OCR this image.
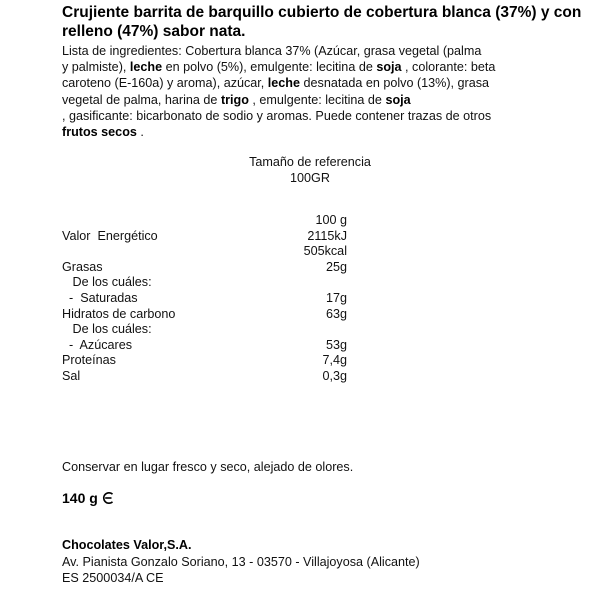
Crujiente barrita de barquillo cubierto de cobertura blanca (37%) y con relleno (47%) sabor nata.
Lista de ingredientes: Cobertura blanca 37% (Azúcar, grasa vegetal (palma
y palmiste), leche en polvo (5%), emulgente: lecitina de soja , colorante: beta
caroteno (E-160a) y aroma), azúcar, leche desnatada en polvo (13%), grasa
vegetal de palma, harina de trigo , emulgente: lecitina de soja
, gasificante: bicarbonato de sodio y aromas. Puede contener trazas de otros
frutos secos .
Tamaño de referencia
100GR
100 g
Valor  Energético	2115kJ
505kcal
Grasas	25g
De los cuáles:
-  Saturadas	17g
Hidratos de carbono	63g
De los cuáles:
-  Azúcares	53g
Proteínas	7,4g
Sal	0,3g
Conservar en lugar fresco y seco, alejado de olores.
140 g
Chocolates Valor,S.A.
Av. Pianista Gonzalo Soriano, 13 - 03570 - Villajoyosa (Alicante)
ES 2500034/A CE
